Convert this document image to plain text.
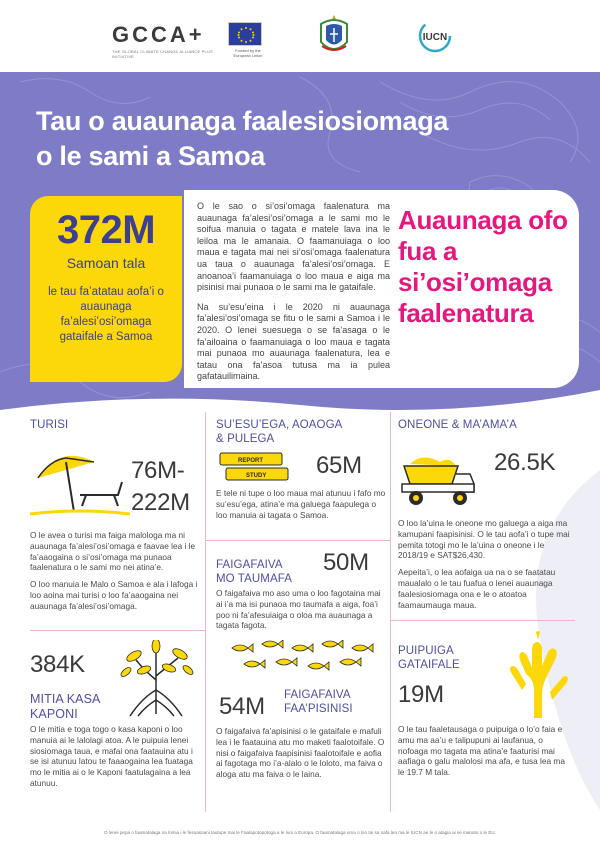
GCCA+
THE GLOBAL CLIMATE CHANGE ALLIANCE PLUS INITIATIVE
Funded by the European Union
IUCN
Tau o auaunaga faalesiosiomaga
o le sami a Samoa
372M
Samoan tala
le tau fa’atatau aofa’i o auaunaga fa’alesi’osi’omaga gataifale a Samoa

O le sao o si’osi’omaga faalenatura ma auaunaga fa’alesi’osi’omaga a le sami mo le soifua manuia o tagata e matele lava ina le leiloa ma le amanaia. O faamanuiaga o loo maua e tagata mai nei si’osi’omaga faalenatura ua taua o auaunaga fa’alesi’osi’omaga. E anoanoa’i faamanuiaga o loo maua e aiga ma pisinisi mai punaoa o le sami ma le gataifale.

Na su’esu’eina i le 2020 ni auaunaga fa’alesi’osi’omaga se fitu o le sami a Samoa i le 2020. O lenei suesuega o se fa’asaga o le fa’ailoaina o faamanuiaga o loo maua e tagata mai punaoa mo auaunaga faalenatura, lea e tatau ona fa’asoa tutusa ma ia pulea gafatauilimaina.

Auaunaga ofo fua a si’osi’omaga faalenatura
TURISI
76M-
222M

O le avea o turisi ma faiga malologa ma ni auaunaga fa’alesi’osi’omaga e faavae lea i le fa’aaogaina o si’osi’omaga ma punaoa faalenatura o le sami mo nei atina’e.

O loo manuia le Malo o Samoa e ala i lafoga i loo aoina mai turisi o loo fa’aaogaina nei auaunaga fa’alesi’osi’omaga.

SU’ESU’EGA, AOAOGA
& PULEGA
REPORT
STUDY 65M

E tele ni tupe o loo maua mai atunuu i fafo mo su’esu’ega, atina’e ma galuega faapulega o loo manuia ai tagata o Samoa.

ONEONE & MA’AMA’A
26.5K

O loo la’uina le oneone mo galuega a aiga ma kamupani faapisinisi. O le tau aofa’i o tupe mai pemita totogi mo le la’uina o oneone i le 2018/19 e SAT$26,430.

Aepeita’i, o lea aofaiga ua na o se faatatau maualalo o le tau fuafua o lenei auaunaga faalesiosiomaga ona e le o atoatoa faamaumauga maua.

FAIGAFAIVA
MO TAUMAFA
50M

O faigafaiva mo aso uma o loo fagotaina mai ai i’a ma isi punaoa mo taumafa a aiga, foa’i poo ni fa’afesuiaiga o oloa ma auaunaga a tagata fagota.

54M FAIGAFAIVA
FAA’PISINISI

O faigafaiva fa’apisinisi o le gataifale e mafuli lea i le faatauina atu mo maketi faalotoifale. O nisi o faigafaiva faapisinisi faalotoifale e aofia ai fagotaga mo i’a-alalo o le loloto, ma faiva o aloga atu ma faiva o le laina.

384K
MITIA KASA
KAPONI

O le mitia e toga togo o kasa kaponi o loo manuia ai le lalolagi atoa. A le puipuia lenei siosiomaga taua, e mafai ona faatauina atu i se isi atunuu latou te faaaogaina lea fuataga mo le mitia ai o le Kaponi faatulagaina a lea atunuu.

PUIPUIGA
GATAIFALE
19M

O le tau faaletausaga o puipuiga o lo’o faia e amu ma aa’u e talipupuni ai laufanua, o nofoaga mo tagata ma atina’e faaturisi mai aafiaga o galu malolosi ma afa, e tusa lea ma le 19.7 M tala.

O lenei pepa o faamatalaga na lomia i le fesoasoani tautupe mai le Faalapotopotoga a le Iuni a Europa. O faamatalaga uma o loo tai sa nafa lea ma le IUCN ae le o atagia ai se manatu o le EU.
